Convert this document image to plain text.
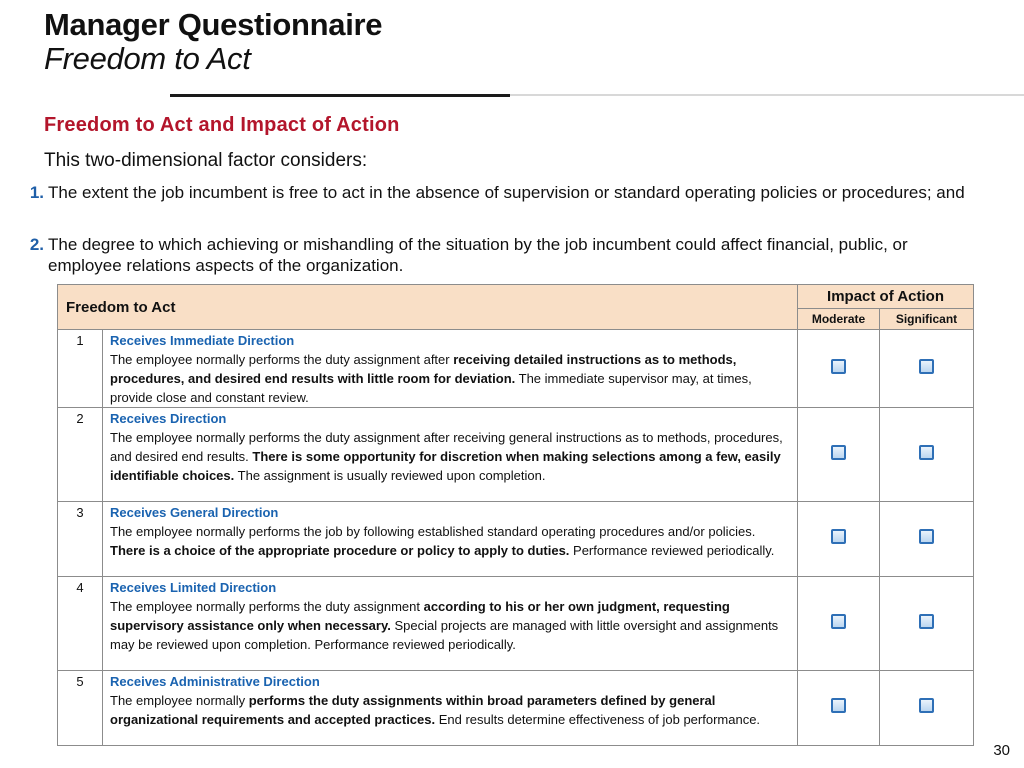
Manager Questionnaire
Freedom to Act
Freedom to Act and Impact of Action
This two-dimensional factor considers:
1. The extent the job incumbent is free to act in the absence of supervision or standard operating policies or procedures; and
2. The degree to which achieving or mishandling of the situation by the job incumbent could affect financial, public, or employee relations aspects of the organization.
Freedom to Act		Impact of Action	
		Moderate	Significant
1	Receives Immediate Direction
The employee normally performs the duty assignment after receiving detailed instructions as to methods, procedures, and desired end results with little room for deviation. The immediate supervisor may, at times, provide close and constant review.		
2	Receives Direction
The employee normally performs the duty assignment after receiving general instructions as to methods, procedures, and desired end results. There is some opportunity for discretion when making selections among a few, easily identifiable choices. The assignment is usually reviewed upon completion.		
3	Receives General Direction
The employee normally performs the job by following established standard operating procedures and/or policies. There is a choice of the appropriate procedure or policy to apply to duties. Performance reviewed periodically.		
4	Receives Limited Direction
The employee normally performs the duty assignment according to his or her own judgment, requesting supervisory assistance only when necessary. Special projects are managed with little oversight and assignments may be reviewed upon completion. Performance reviewed periodically.		
5	Receives Administrative Direction
The employee normally performs the duty assignments within broad parameters defined by general organizational requirements and accepted practices. End results determine effectiveness of job performance.		
30
